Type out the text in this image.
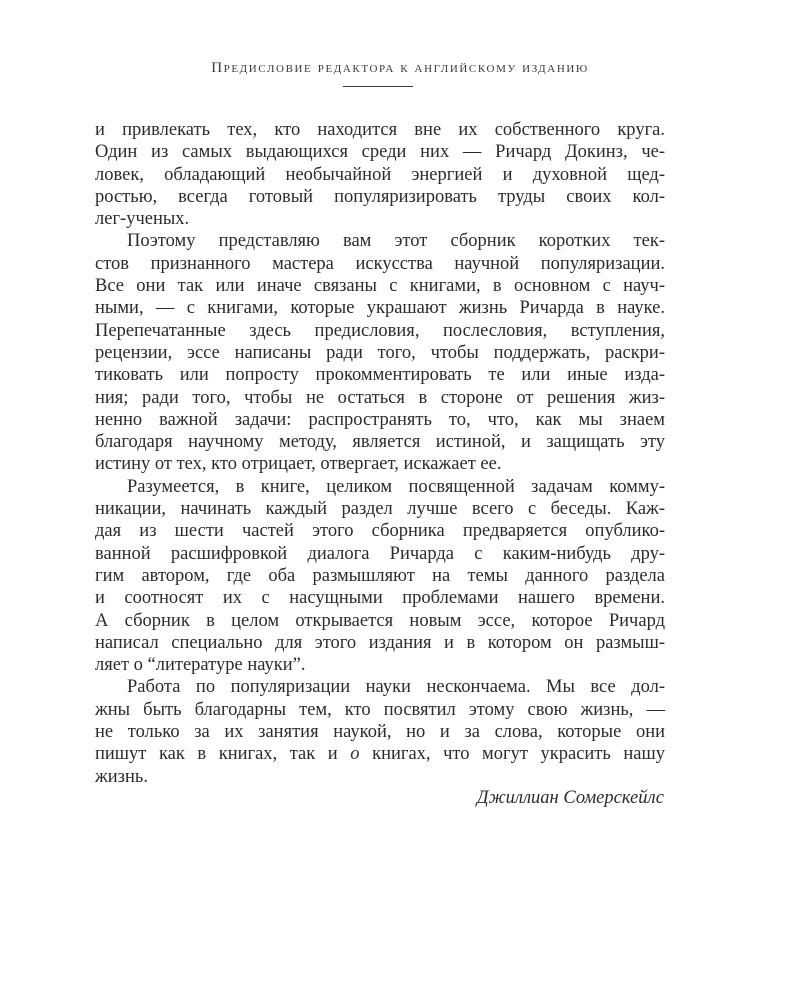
Предисловие редактора к английскому изданию
и привлекать тех, кто находится вне их собственного круга.
Один из самых выдающихся среди них — Ричард Докинз, че-
ловек, обладающий необычайной энергией и духовной щед-
ростью, всегда готовый популяризировать труды своих кол-
лег-ученых.
Поэтому представляю вам этот сборник коротких тек-
стов признанного мастера искусства научной популяризации.
Все они так или иначе связаны с книгами, в основном с науч-
ными, — с книгами, которые украшают жизнь Ричарда в науке.
Перепечатанные здесь предисловия, послесловия, вступления,
рецензии, эссе написаны ради того, чтобы поддержать, раскри-
тиковать или попросту прокомментировать те или иные изда-
ния; ради того, чтобы не остаться в стороне от решения жиз-
ненно важной задачи: распространять то, что, как мы знаем
благодаря научному методу, является истиной, и защищать эту
истину от тех, кто отрицает, отвергает, искажает ее.
Разумеется, в книге, целиком посвященной задачам комму-
никации, начинать каждый раздел лучше всего с беседы. Каж-
дая из шести частей этого сборника предваряется опублико-
ванной расшифровкой диалога Ричарда с каким-нибудь дру-
гим автором, где оба размышляют на темы данного раздела
и соотносят их с насущными проблемами нашего времени.
А сборник в целом открывается новым эссе, которое Ричард
написал специально для этого издания и в котором он размыш-
ляет о “литературе науки”.
Работа по популяризации науки нескончаема. Мы все дол-
жны быть благодарны тем, кто посвятил этому свою жизнь, —
не только за их занятия наукой, но и за слова, которые они
пишут как в книгах, так и о книгах, что могут украсить нашу
жизнь.
Джиллиан Сомерскейлс
